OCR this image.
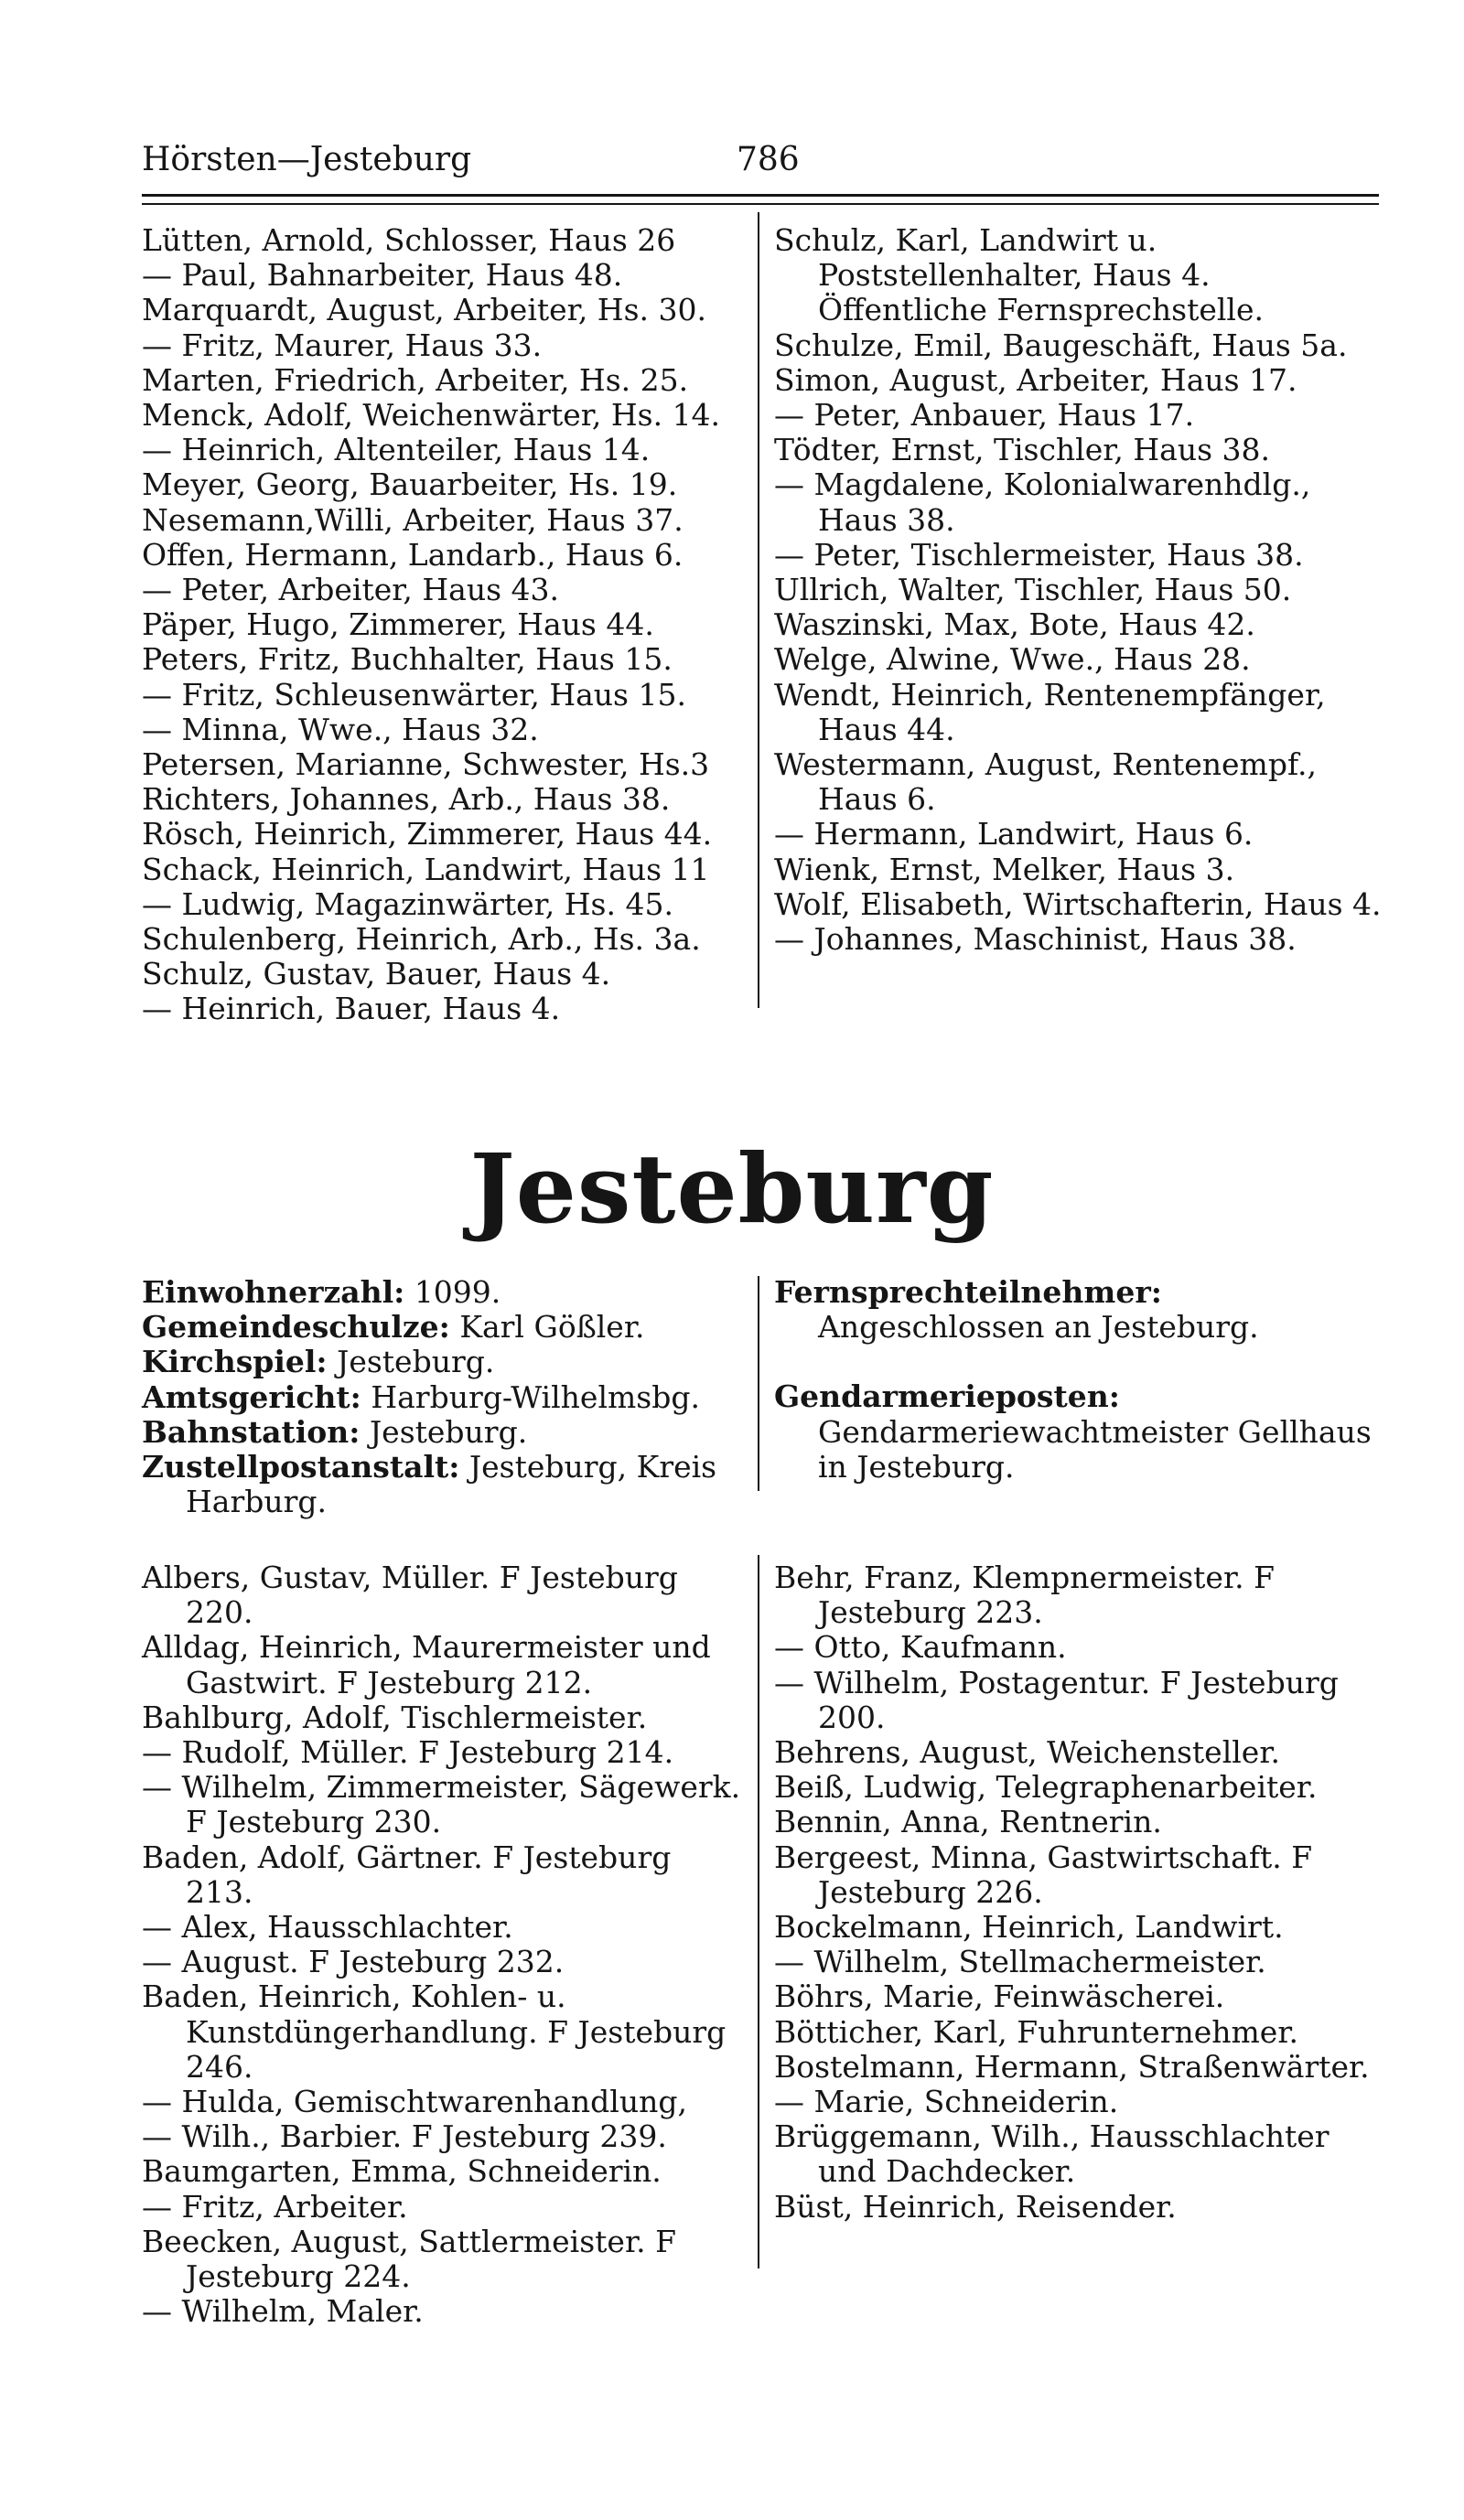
Hörsten—Jesteburg	786
Lütten, Arnold, Schlosser, Haus 26
— Paul, Bahnarbeiter, Haus 48.
Marquardt, August, Arbeiter, Hs. 30.
— Fritz, Maurer, Haus 33.
Marten, Friedrich, Arbeiter, Hs. 25.
Menck, Adolf, Weichenwärter, Hs. 14.
— Heinrich, Altenteiler, Haus 14.
Meyer, Georg, Bauarbeiter, Hs. 19.
Nesemann,Willi, Arbeiter, Haus 37.
Offen, Hermann, Landarb., Haus 6.
— Peter, Arbeiter, Haus 43.
Päper, Hugo, Zimmerer, Haus 44.
Peters, Fritz, Buchhalter, Haus 15.
— Fritz, Schleusenwärter, Haus 15.
— Minna, Wwe., Haus 32.
Petersen, Marianne, Schwester, Hs.3
Richters, Johannes, Arb., Haus 38.
Rösch, Heinrich, Zimmerer, Haus 44.
Schack, Heinrich, Landwirt, Haus 11
— Ludwig, Magazinwärter, Hs. 45.
Schulenberg, Heinrich, Arb., Hs. 3a.
Schulz, Gustav, Bauer, Haus 4.
— Heinrich, Bauer, Haus 4.
Schulz, Karl, Landwirt u. Poststellenhalter, Haus 4. Öffentliche Fernsprechstelle.
Schulze, Emil, Baugeschäft, Haus 5a.
Simon, August, Arbeiter, Haus 17.
— Peter, Anbauer, Haus 17.
Tödter, Ernst, Tischler, Haus 38.
— Magdalene, Kolonialwarenhdlg., Haus 38.
— Peter, Tischlermeister, Haus 38.
Ullrich, Walter, Tischler, Haus 50.
Waszinski, Max, Bote, Haus 42.
Welge, Alwine, Wwe., Haus 28.
Wendt, Heinrich, Rentenempfänger, Haus 44.
Westermann, August, Rentenempf., Haus 6.
— Hermann, Landwirt, Haus 6.
Wienk, Ernst, Melker, Haus 3.
Wolf, Elisabeth, Wirtschafterin, Haus 4.
— Johannes, Maschinist, Haus 38.
Jesteburg
Einwohnerzahl: 1099.
Gemeindeschulze: Karl Gößler.
Kirchspiel: Jesteburg.
Amtsgericht: Harburg-Wilhelmsbg.
Bahnstation: Jesteburg.
Zustellpostanstalt: Jesteburg, Kreis Harburg.
Fernsprechteilnehmer: Angeschlossen an Jesteburg.
Gendarmerieposten: Gendarmeriewachtmeister Gellhaus in Jesteburg.
Albers, Gustav, Müller. F Jesteburg 220.
Alldag, Heinrich, Maurermeister und Gastwirt. F Jesteburg 212.
Bahlburg, Adolf, Tischlermeister.
— Rudolf, Müller. F Jesteburg 214.
— Wilhelm, Zimmermeister, Sägewerk. F Jesteburg 230.
Baden, Adolf, Gärtner. F Jesteburg 213.
— Alex, Hausschlachter.
— August. F Jesteburg 232.
Baden, Heinrich, Kohlen- u. Kunstdüngerhandlung. F Jesteburg 246.
— Hulda, Gemischtwarenhandlung,
— Wilh., Barbier. F Jesteburg 239.
Baumgarten, Emma, Schneiderin.
— Fritz, Arbeiter.
Beecken, August, Sattlermeister. F Jesteburg 224.
— Wilhelm, Maler.
Behr, Franz, Klempnermeister. F Jesteburg 223.
— Otto, Kaufmann.
— Wilhelm, Postagentur. F Jesteburg 200.
Behrens, August, Weichensteller.
Beiß, Ludwig, Telegraphenarbeiter.
Bennin, Anna, Rentnerin.
Bergeest, Minna, Gastwirtschaft. F Jesteburg 226.
Bockelmann, Heinrich, Landwirt.
— Wilhelm, Stellmachermeister.
Böhrs, Marie, Feinwäscherei.
Bötticher, Karl, Fuhrunternehmer.
Bostelmann, Hermann, Straßenwärter.
— Marie, Schneiderin.
Brüggemann, Wilh., Hausschlachter und Dachdecker.
Büst, Heinrich, Reisender.
